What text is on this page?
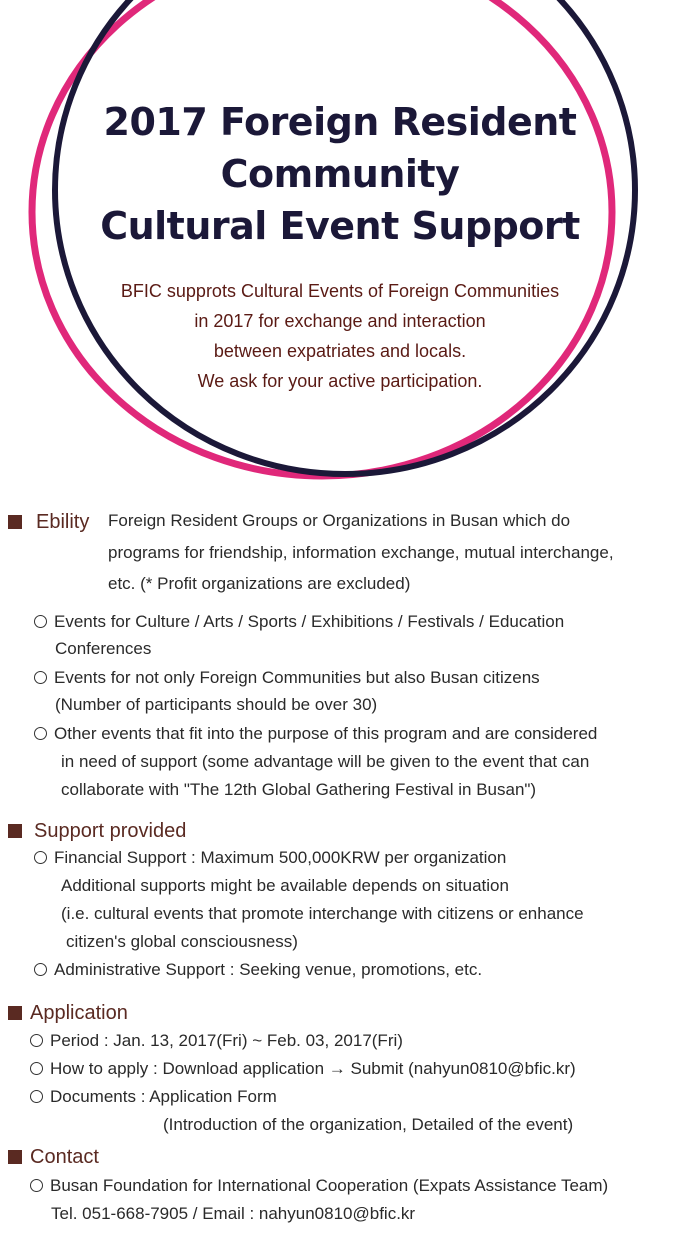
2017 Foreign Resident
Community
Cultural Event Support
BFIC supprots Cultural Events of Foreign Communities
in 2017 for exchange and interaction
between expatriates and locals.
We ask for your active participation.
Ebility Foreign Resident Groups or Organizations in Busan which do
programs for friendship, information exchange, mutual interchange,
etc. (* Profit organizations are excluded)
Events for Culture / Arts / Sports / Exhibitions / Festivals / Education
Conferences
Events for not only Foreign Communities but also Busan citizens
(Number of participants should be over 30)
Other events that fit into the purpose of this program and are considered
in need of support (some advantage will be given to the event that can
collaborate with "The 12th Global Gathering Festival in Busan")
Support provided
Financial Support : Maximum 500,000KRW per organization
Additional supports might be available depends on situation
(i.e. cultural events that promote interchange with citizens or enhance
citizen's global consciousness)
Administrative Support : Seeking venue, promotions, etc.
Application
Period : Jan. 13, 2017(Fri) ~ Feb. 03, 2017(Fri)
How to apply : Download application → Submit (nahyun0810@bfic.kr)
Documents : Application Form
(Introduction of the organization, Detailed of the event)
Contact
Busan Foundation for International Cooperation (Expats Assistance Team)
Tel. 051-668-7905 / Email : nahyun0810@bfic.kr
